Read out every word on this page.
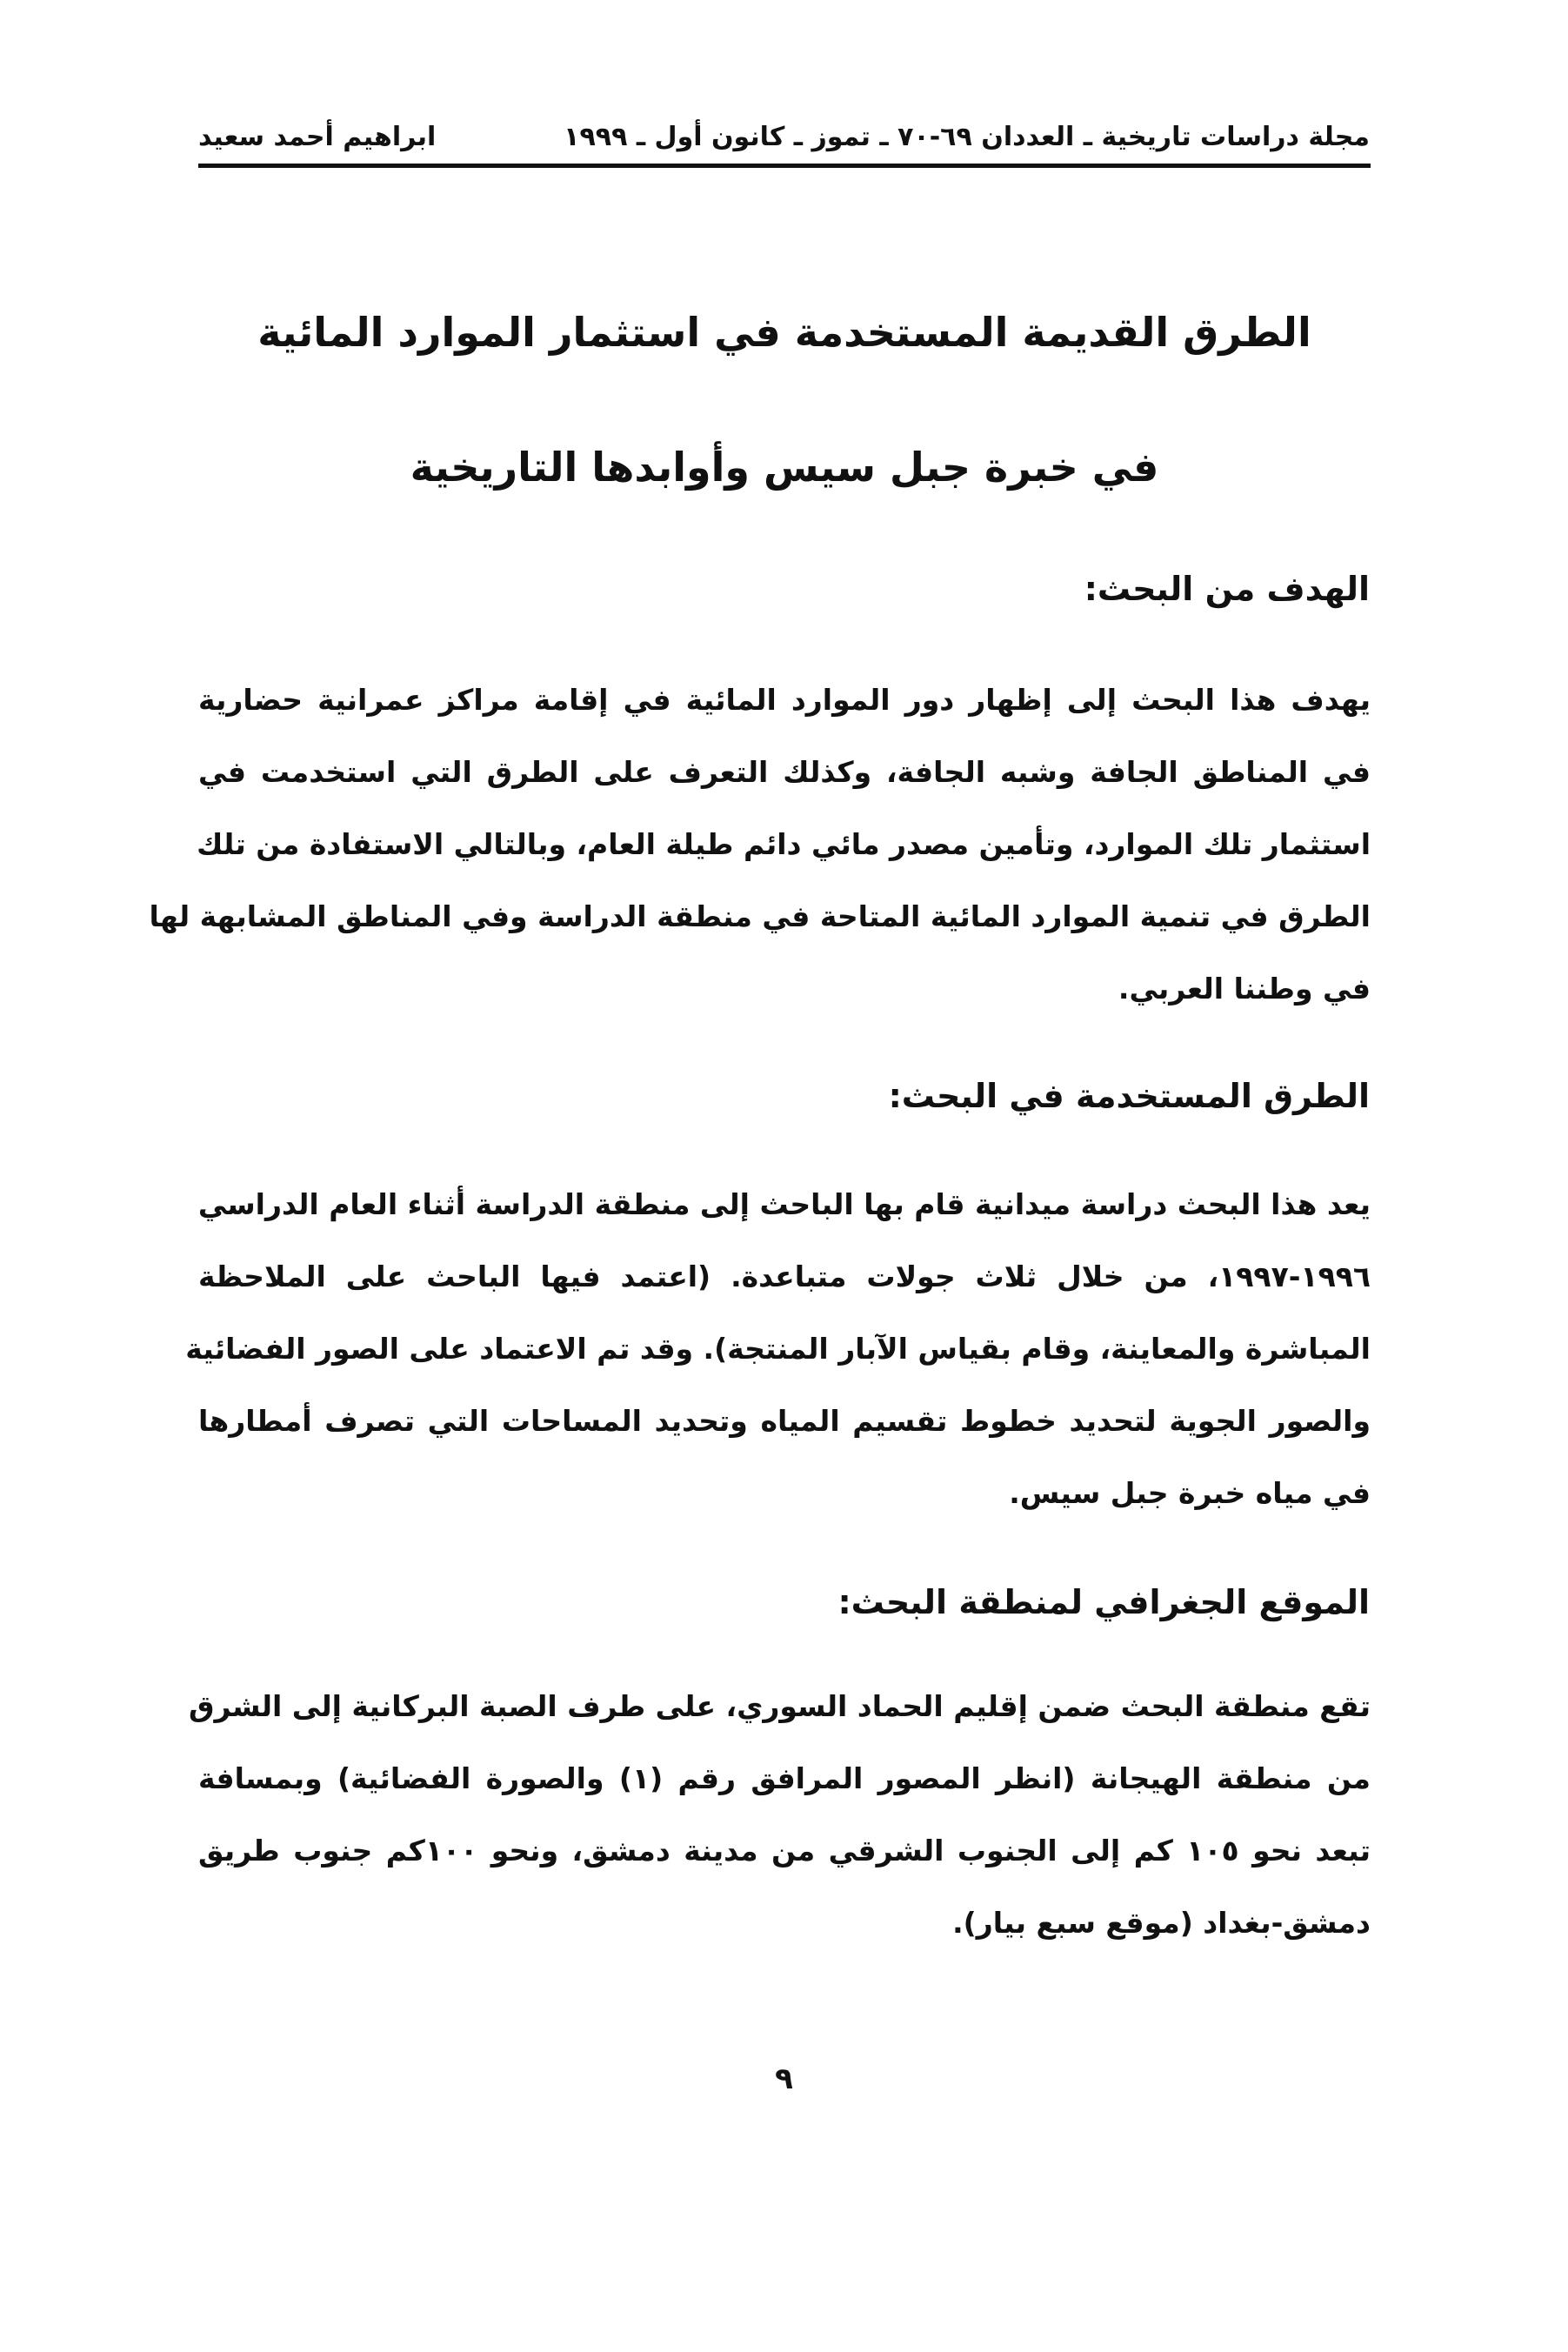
مجلة دراسات تاريخية ـ العددان ٦٩-٧٠ ـ تموز ـ كانون أول ـ ١٩٩٩
ابراهيم أحمد سعيد
الطرق القديمة المستخدمة في استثمار الموارد المائية
في خبرة جبل سيس وأوابدها التاريخية
الهدف من البحث:
يهدف هذا البحث إلى إظهار دور الموارد المائية في إقامة مراكز عمرانية حضارية
في المناطق الجافة وشبه الجافة، وكذلك التعرف على الطرق التي استخدمت في
استثمار تلك الموارد، وتأمين مصدر مائي دائم طيلة العام، وبالتالي الاستفادة من تلك
الطرق في تنمية الموارد المائية المتاحة في منطقة الدراسة وفي المناطق المشابهة لها
في وطننا العربي.
الطرق المستخدمة في البحث:
يعد هذا البحث دراسة ميدانية قام بها الباحث إلى منطقة الدراسة أثناء العام الدراسي
١٩٩٦-١٩٩٧، من خلال ثلاث جولات متباعدة. (اعتمد فيها الباحث على الملاحظة
المباشرة والمعاينة، وقام بقياس الآبار المنتجة). وقد تم الاعتماد على الصور الفضائية
والصور الجوية لتحديد خطوط تقسيم المياه وتحديد المساحات التي تصرف أمطارها
في مياه خبرة جبل سيس.
الموقع الجغرافي لمنطقة البحث:
تقع منطقة البحث ضمن إقليم الحماد السوري، على طرف الصبة البركانية إلى الشرق
من منطقة الهيجانة (انظر المصور المرافق رقم (١) والصورة الفضائية) وبمسافة
تبعد نحو ١٠٥ كم إلى الجنوب الشرقي من مدينة دمشق، ونحو ١٠٠كم جنوب طريق
دمشق-بغداد (موقع سبع بيار).
٩
